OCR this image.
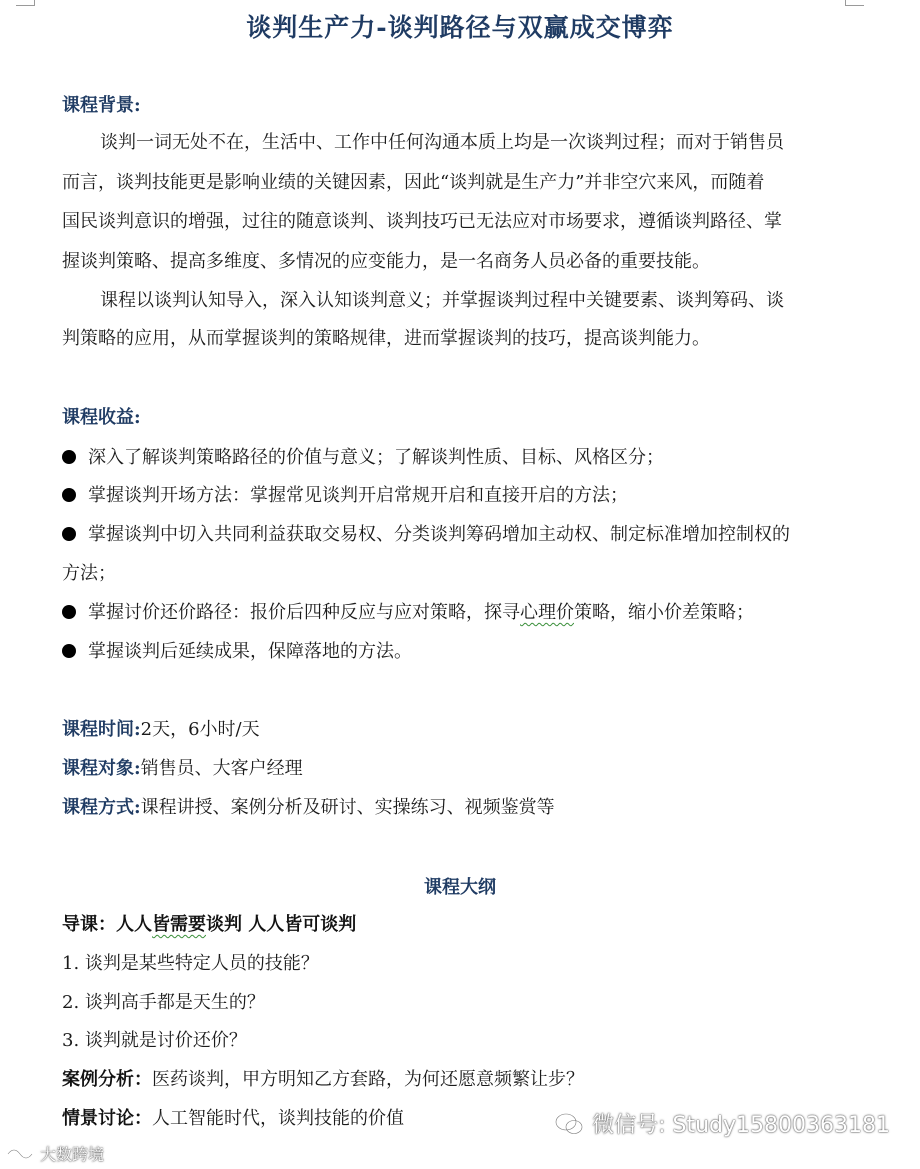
谈判生产力-谈判路径与双赢成交博弈
课程背景:
谈判一词无处不在，生活中、工作中任何沟通本质上均是一次谈判过程；而对于销售员
而言，谈判技能更是影响业绩的关键因素，因此“谈判就是生产力”并非空穴来风，而随着
国民谈判意识的增强，过往的随意谈判、谈判技巧已无法应对市场要求，遵循谈判路径、掌
握谈判策略、提高多维度、多情况的应变能力，是一名商务人员必备的重要技能。
课程以谈判认知导入，深入认知谈判意义；并掌握谈判过程中关键要素、谈判筹码、谈
判策略的应用，从而掌握谈判的策略规律，进而掌握谈判的技巧，提高谈判能力。
课程收益:
深入了解谈判策略路径的价值与意义；了解谈判性质、目标、风格区分；
掌握谈判开场方法：掌握常见谈判开启常规开启和直接开启的方法；
掌握谈判中切入共同利益获取交易权、分类谈判筹码增加主动权、制定标准增加控制权的
方法；
掌握讨价还价路径：报价后四种反应与应对策略，探寻心理价策略，缩小价差策略；
掌握谈判后延续成果，保障落地的方法。
课程时间:2天，6小时/天
课程对象:销售员、大客户经理
课程方式:课程讲授、案例分析及研讨、实操练习、视频鉴赏等
导课：人人皆需要谈判 人人皆可谈判
1. 谈判是某些特定人员的技能？
2. 谈判高手都是天生的？
3. 谈判就是讨价还价？
案例分析：医药谈判，甲方明知乙方套路，为何还愿意频繁让步？
情景讨论：人工智能时代，谈判技能的价值
课程大纲
微信号: Study15800363181
大数跨境
